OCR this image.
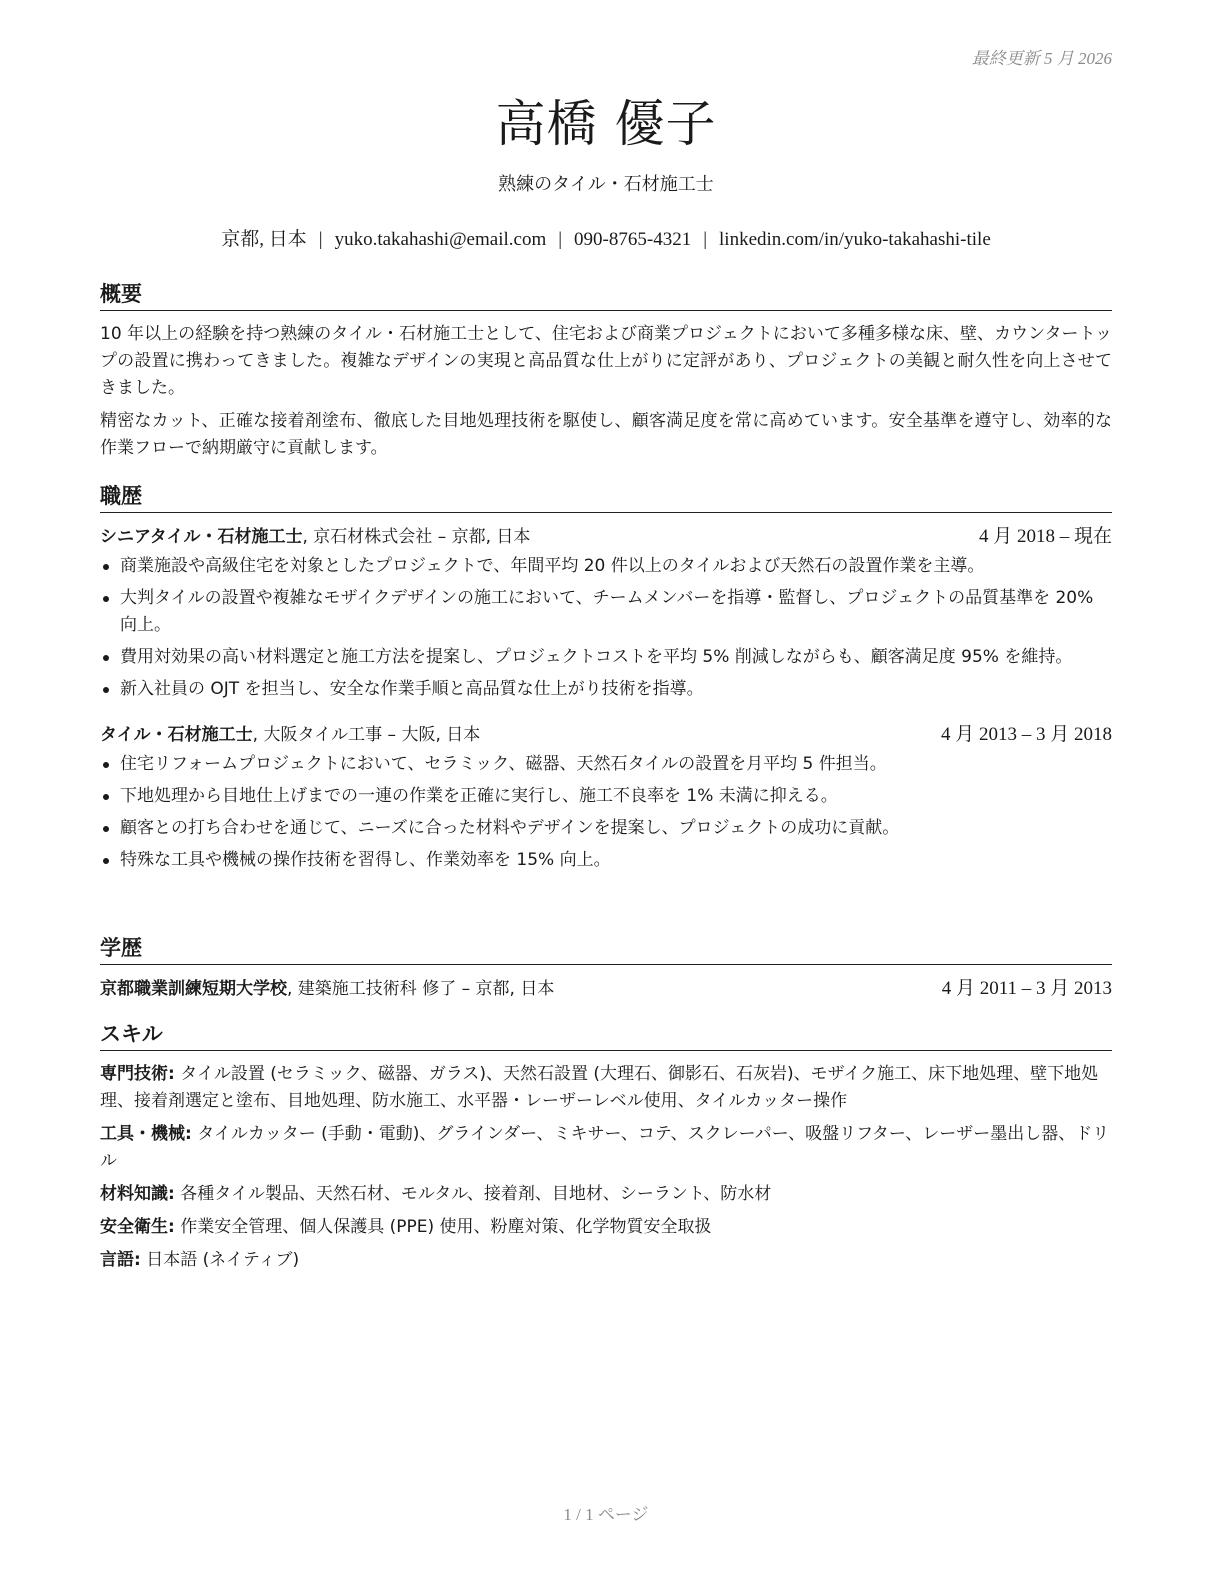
最終更新 5 月 2026
高橋 優子
熟練のタイル・石材施工士
京都, 日本 | yuko.takahashi@email.com | 090-8765-4321 | linkedin.com/in/yuko-takahashi-tile
概要

10 年以上の経験を持つ熟練のタイル・石材施工士として、住宅および商業プロジェクトにおいて多種多様な床、壁、カウンタートップの設置に携わってきました。複雑なデザインの実現と高品質な仕上がりに定評があり、プロジェクトの美観と耐久性を向上させてきました。

精密なカット、正確な接着剤塗布、徹底した目地処理技術を駆使し、顧客満足度を常に高めています。安全基準を遵守し、効率的な作業フローで納期厳守に貢献します。

職歴
シニアタイル・石材施工士, 京石材株式会社 – 京都, 日本	4 月 2018 – 現在
商業施設や高級住宅を対象としたプロジェクトで、年間平均 20 件以上のタイルおよび天然石の設置作業を主導。
大判タイルの設置や複雑なモザイクデザインの施工において、チームメンバーを指導・監督し、プロジェクトの品質基準を 20% 向上。
費用対効果の高い材料選定と施工方法を提案し、プロジェクトコストを平均 5% 削減しながらも、顧客満足度 95% を維持。
新入社員の OJT を担当し、安全な作業手順と高品質な仕上がり技術を指導。
タイル・石材施工士, 大阪タイル工事 – 大阪, 日本	4 月 2013 – 3 月 2018
住宅リフォームプロジェクトにおいて、セラミック、磁器、天然石タイルの設置を月平均 5 件担当。
下地処理から目地仕上げまでの一連の作業を正確に実行し、施工不良率を 1% 未満に抑える。
顧客との打ち合わせを通じて、ニーズに合った材料やデザインを提案し、プロジェクトの成功に貢献。
特殊な工具や機械の操作技術を習得し、作業効率を 15% 向上。
学歴
京都職業訓練短期大学校, 建築施工技術科 修了 – 京都, 日本	4 月 2011 – 3 月 2013
スキル
専門技術: タイル設置 (セラミック、磁器、ガラス)、天然石設置 (大理石、御影石、石灰岩)、モザイク施工、床下地処理、壁下地処理、接着剤選定と塗布、目地処理、防水施工、水平器・レーザーレベル使用、タイルカッター操作
工具・機械: タイルカッター (手動・電動)、グラインダー、ミキサー、コテ、スクレーパー、吸盤リフター、レーザー墨出し器、ドリル
材料知識: 各種タイル製品、天然石材、モルタル、接着剤、目地材、シーラント、防水材
安全衛生: 作業安全管理、個人保護具 (PPE) 使用、粉塵対策、化学物質安全取扱
言語: 日本語 (ネイティブ)
1 / 1 ページ
